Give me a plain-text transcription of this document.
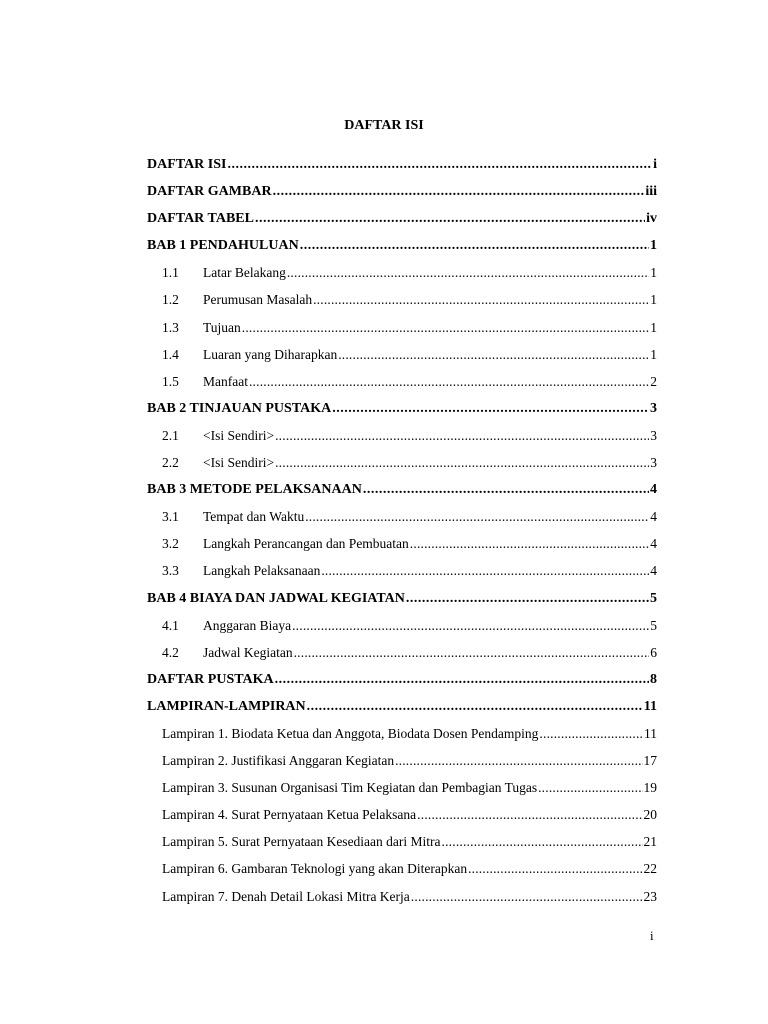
DAFTAR ISI
DAFTAR ISI .....	i
DAFTAR GAMBAR .....	iii
DAFTAR TABEL .....	iv
BAB 1 PENDAHULUAN .....	1
1.1	Latar Belakang .....	1
1.2	Perumusan Masalah .....	1
1.3	Tujuan .....	1
1.4	Luaran yang Diharapkan .....	1
1.5	Manfaat .....	2
BAB 2 TINJAUAN PUSTAKA .....	3
2.1	<Isi Sendiri> .....	3
2.2	<Isi Sendiri> .....	3
BAB 3 METODE PELAKSANAAN .....	4
3.1	Tempat dan Waktu .....	4
3.2	Langkah Perancangan dan Pembuatan .....	4
3.3	Langkah Pelaksanaan .....	4
BAB 4 BIAYA DAN JADWAL KEGIATAN .....	5
4.1	Anggaran Biaya .....	5
4.2	Jadwal Kegiatan .....	6
DAFTAR PUSTAKA .....	8
LAMPIRAN-LAMPIRAN .....	11
Lampiran 1. Biodata Ketua dan Anggota, Biodata Dosen Pendamping .....	11
Lampiran 2. Justifikasi Anggaran Kegiatan .....	17
Lampiran 3. Susunan Organisasi Tim Kegiatan dan Pembagian Tugas .....	19
Lampiran 4. Surat Pernyataan Ketua Pelaksana .....	20
Lampiran 5. Surat Pernyataan Kesediaan dari Mitra .....	21
Lampiran 6. Gambaran Teknologi yang akan Diterapkan .....	22
Lampiran 7. Denah Detail Lokasi Mitra Kerja .....	23
i
